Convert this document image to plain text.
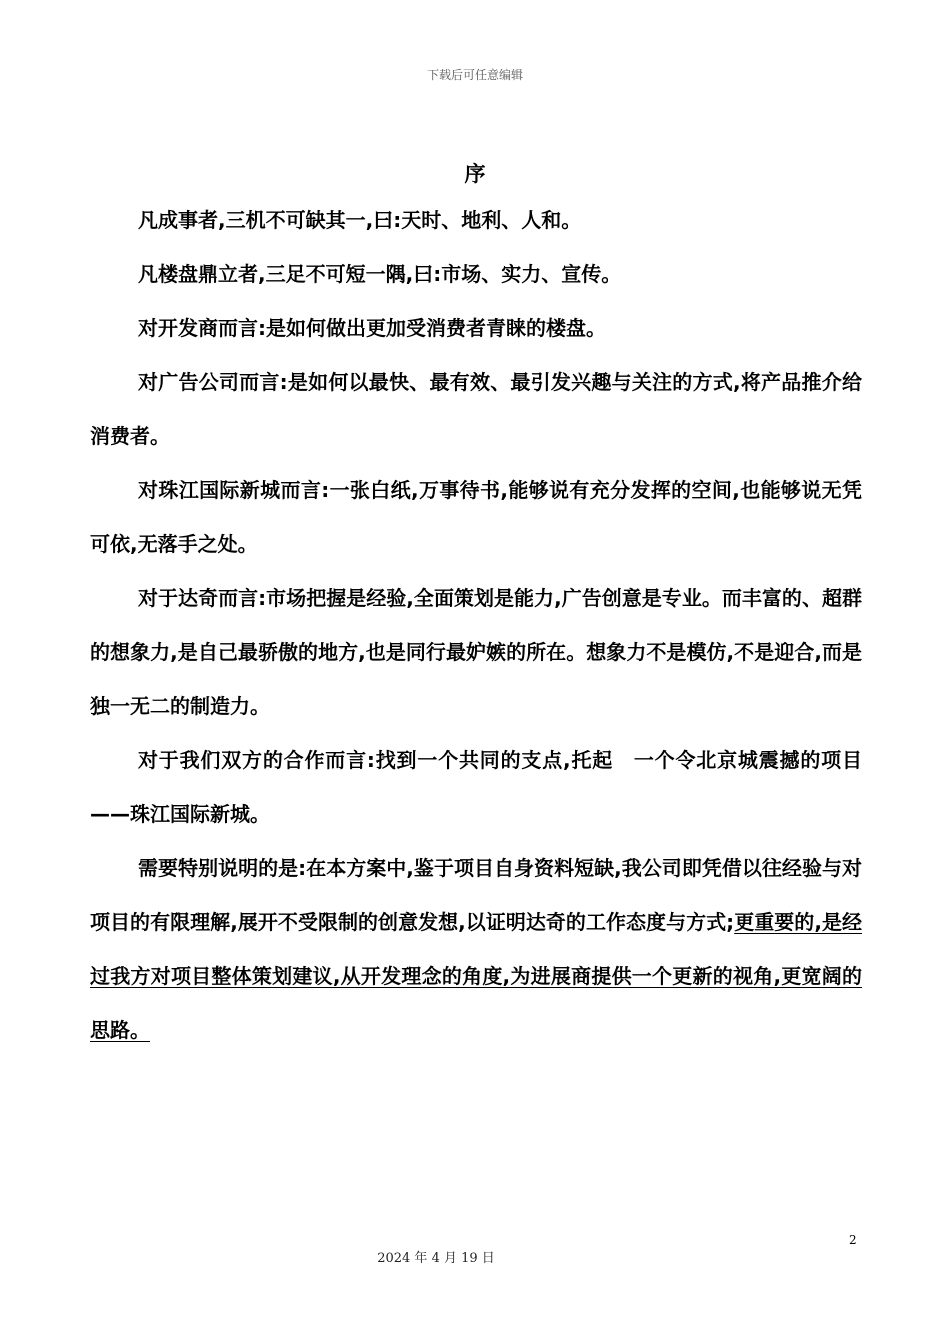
下载后可任意编辑
序

凡成事者,三机不可缺其一,曰:天时、地利、人和。

凡楼盘鼎立者,三足不可短一隅,曰:市场、实力、宣传。

对开发商而言:是如何做出更加受消费者青睐的楼盘。

对广告公司而言:是如何以最快、最有效、最引发兴趣与关注的方式,将产品推介给消费者。

对珠江国际新城而言:一张白纸,万事待书,能够说有充分发挥的空间,也能够说无凭可依,无落手之处。

对于达奇而言:市场把握是经验,全面策划是能力,广告创意是专业。而丰富的、超群的想象力,是自己最骄傲的地方,也是同行最妒嫉的所在。想象力不是模仿,不是迎合,而是独一无二的制造力。

对于我们双方的合作而言:找到一个共同的支点,托起　一个令北京城震撼的项目——珠江国际新城。

需要特别说明的是:在本方案中,鉴于项目自身资料短缺,我公司即凭借以往经验与对项目的有限理解,展开不受限制的创意发想,以证明达奇的工作态度与方式;更重要的,是经过我方对项目整体策划建议,从开发理念的角度,为进展商提供一个更新的视角,更宽阔的思路。

2
2024 年 4 月 19 日
